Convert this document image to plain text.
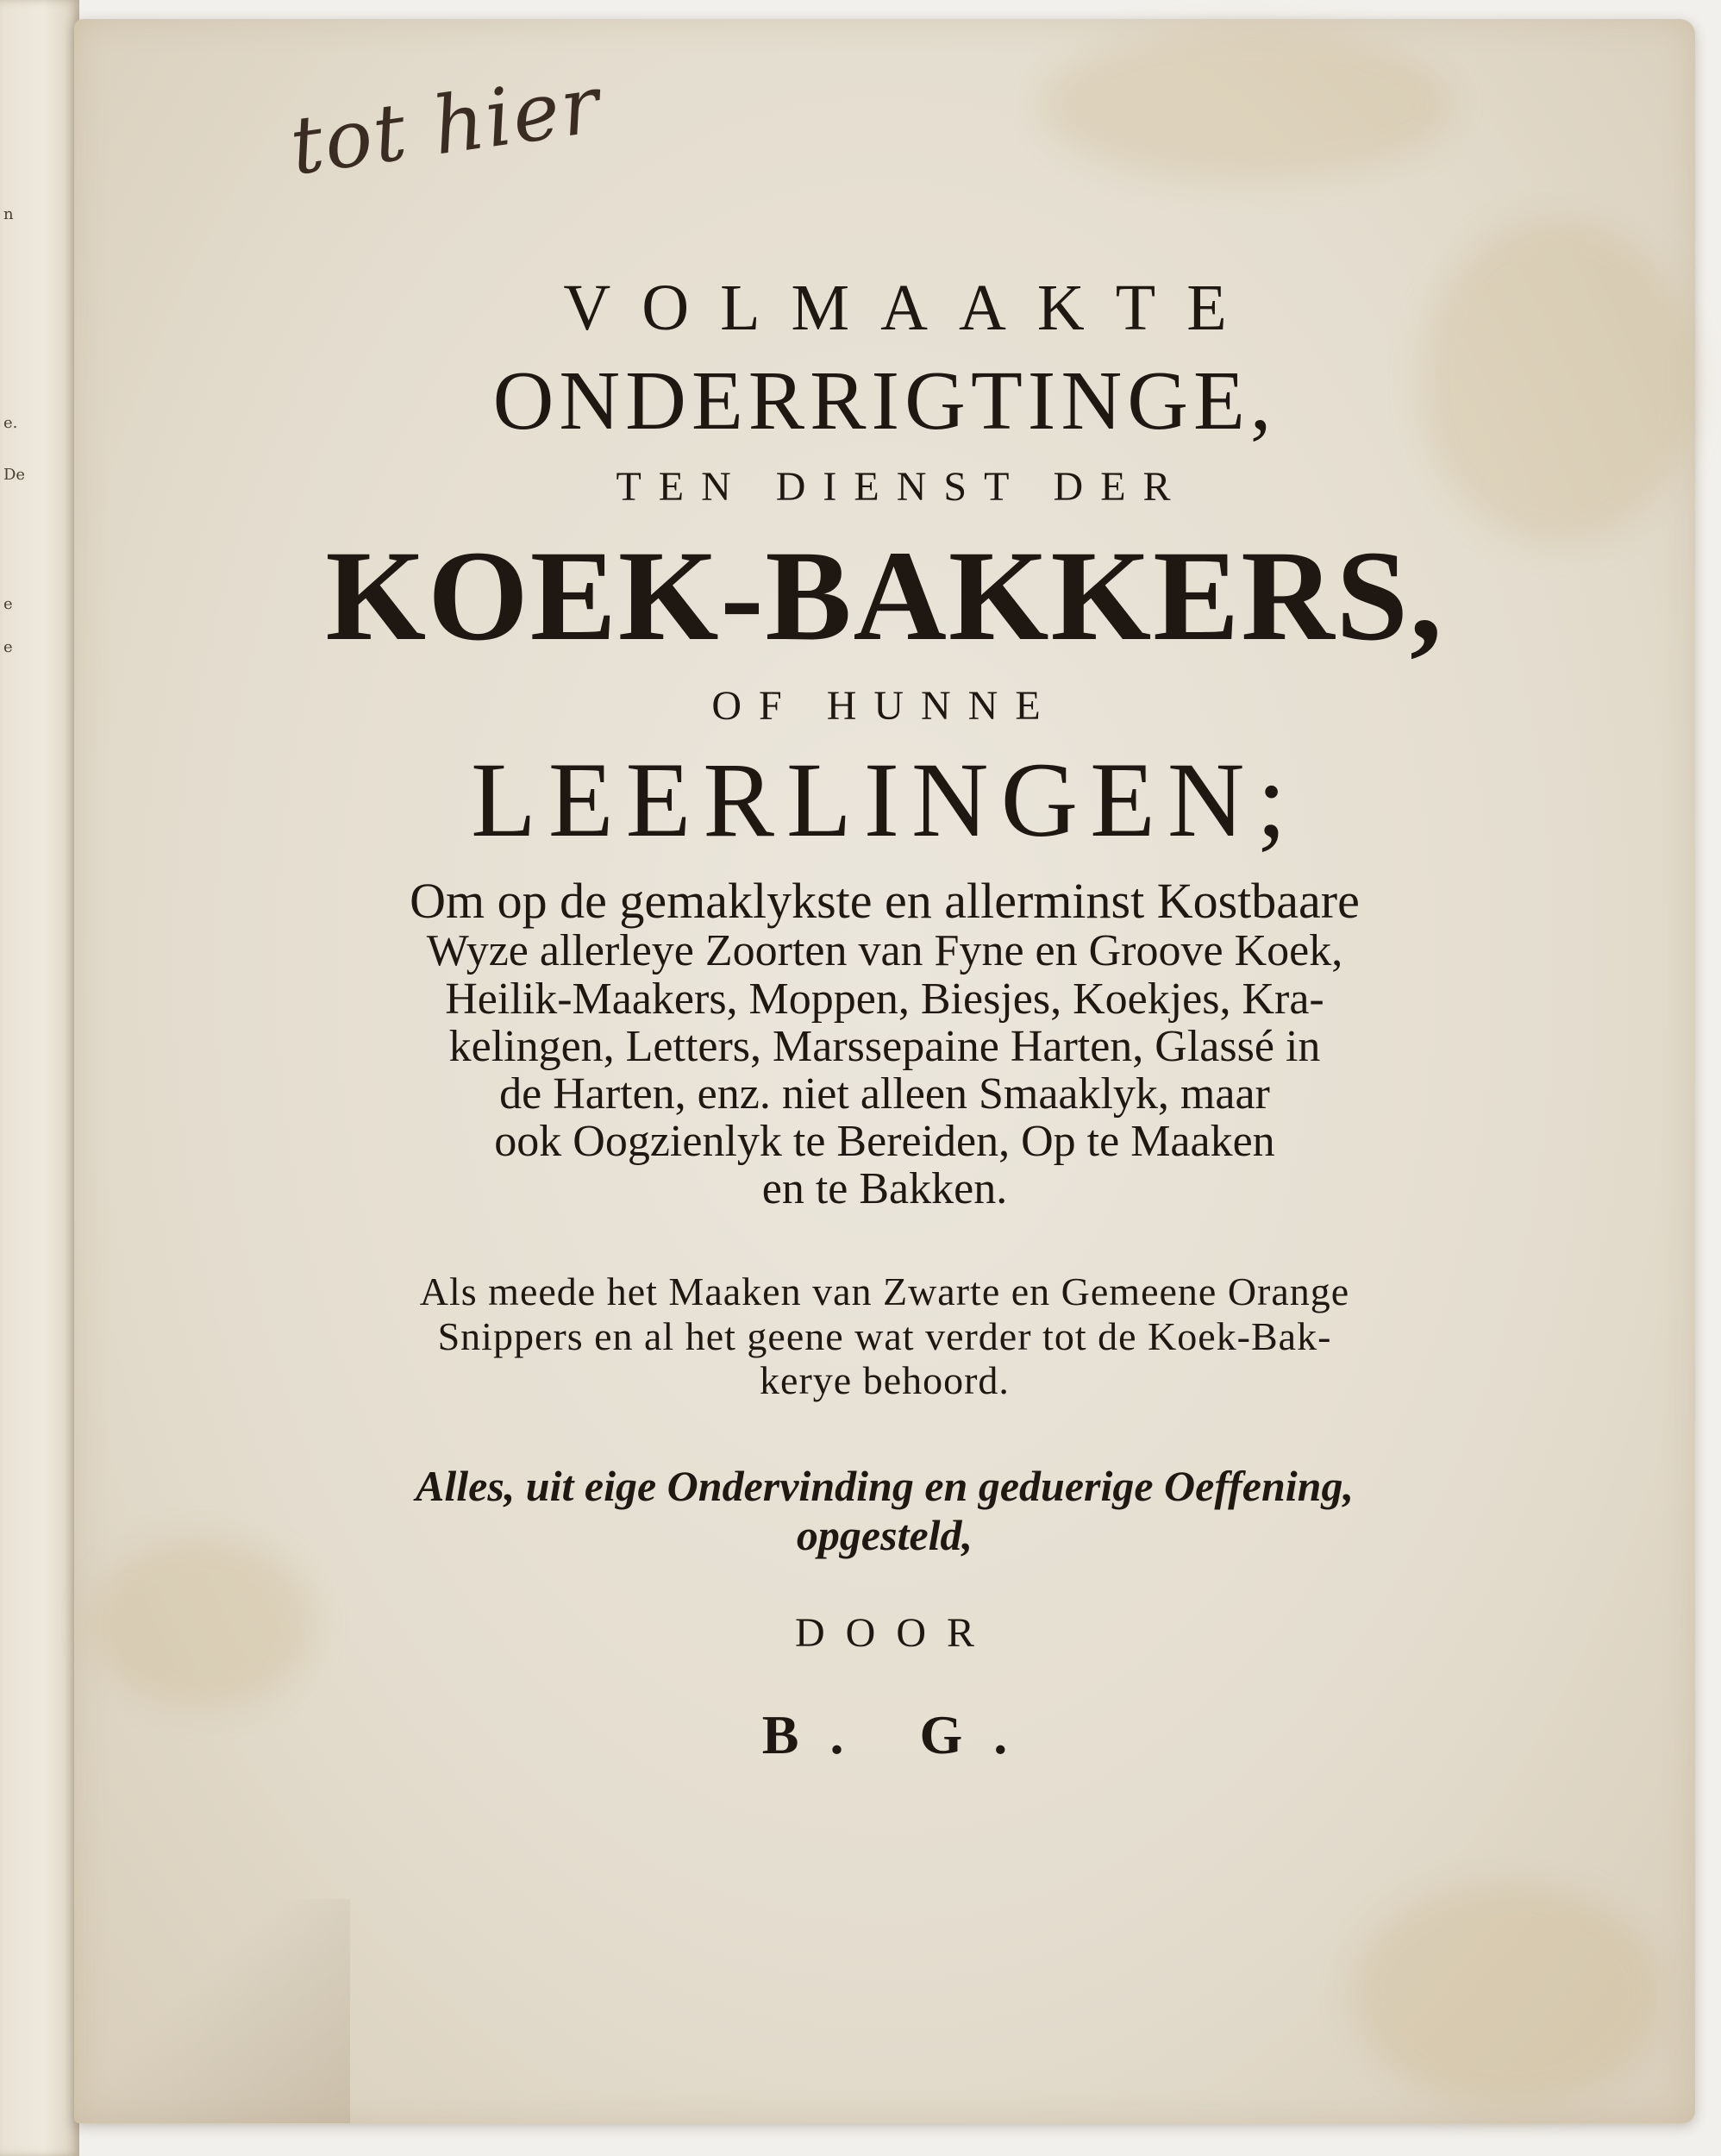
n
e.
De
e
e
tot hier
VOLMAAKTE
ONDERRIGTINGE,
TEN DIENST DER
KOEK-BAKKERS,
OF HUNNE
LEERLINGEN;
Om op de gemaklykste en allerminst Kostbaare
Wyze allerleye Zoorten van Fyne en Groove Koek,
Heilik-Maakers, Moppen, Biesjes, Koekjes, Kra-
kelingen, Letters, Marssepaine Harten, Glassé in
de Harten, enz. niet alleen Smaaklyk, maar
ook Oogzienlyk te Bereiden, Op te Maaken
en te Bakken.
Als meede het Maaken van Zwarte en Gemeene Orange
Snippers en al het geene wat verder tot de Koek-Bak-
kerye behoord.
Alles, uit eige Ondervinding en geduerige Oeffening,
opgesteld,
DOOR
B. G.
